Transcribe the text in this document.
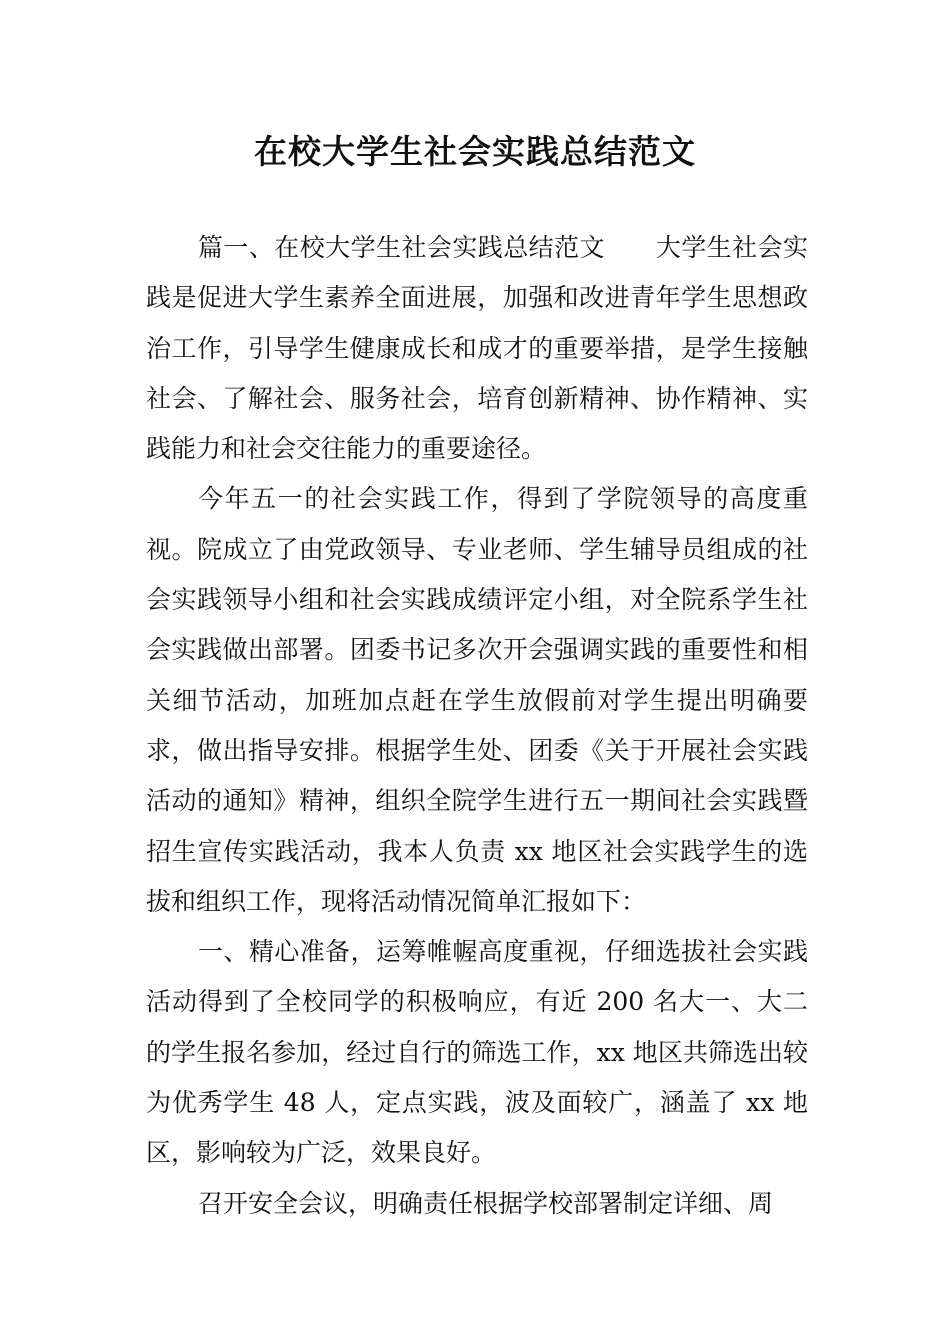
在校大学生社会实践总结范文

篇一、在校大学生社会实践总结范文　　大学生社会实践是促进大学生素养全面进展，加强和改进青年学生思想政治工作，引导学生健康成长和成才的重要举措，是学生接触社会、了解社会、服务社会，培育创新精神、协作精神、实践能力和社会交往能力的重要途径。

今年五一的社会实践工作，得到了学院领导的高度重视。院成立了由党政领导、专业老师、学生辅导员组成的社会实践领导小组和社会实践成绩评定小组，对全院系学生社会实践做出部署。团委书记多次开会强调实践的重要性和相关细节活动，加班加点赶在学生放假前对学生提出明确要求，做出指导安排。根据学生处、团委《关于开展社会实践活动的通知》精神，组织全院学生进行五一期间社会实践暨招生宣传实践活动，我本人负责 xx 地区社会实践学生的选拔和组织工作，现将活动情况简单汇报如下：

一、精心准备，运筹帷幄高度重视，仔细选拔社会实践活动得到了全校同学的积极响应，有近 200 名大一、大二的学生报名参加，经过自行的筛选工作，xx 地区共筛选出较为优秀学生 48 人，定点实践，波及面较广，涵盖了 xx 地区，影响较为广泛，效果良好。

召开安全会议，明确责任根据学校部署制定详细、周
